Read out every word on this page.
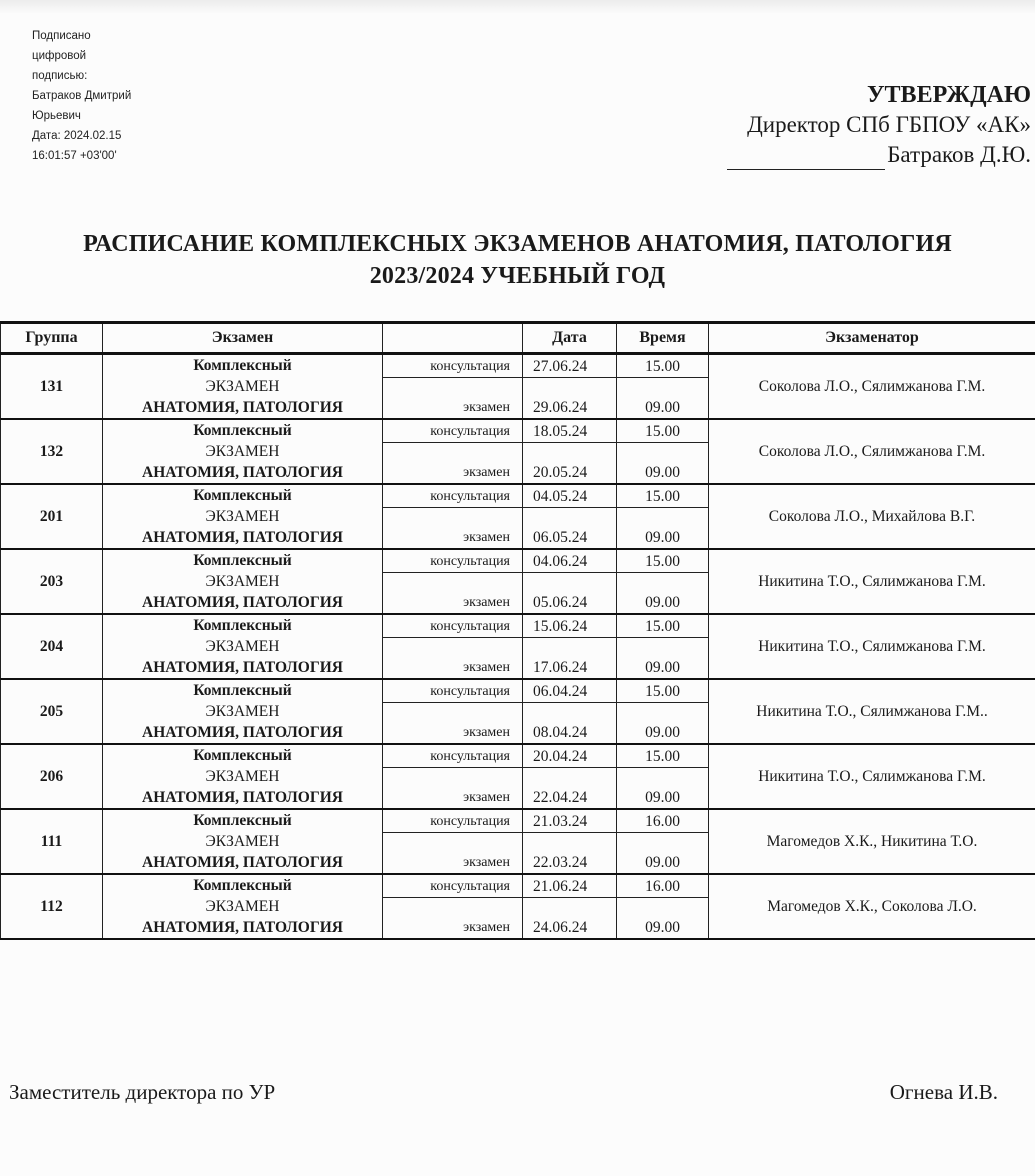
Подписано
цифровой
подписью:
Батраков Дмитрий
Юрьевич
Дата: 2024.02.15
16:01:57 +03'00'
УТВЕРЖДАЮ
Директор СПб ГБПОУ «АК»
Батраков Д.Ю.
РАСПИСАНИЕ КОМПЛЕКСНЫХ ЭКЗАМЕНОВ АНАТОМИЯ, ПАТОЛОГИЯ
2023/2024 УЧЕБНЫЙ ГОД
Группа	Экзамен		Дата	Время	Экзаменатор
131	Комплексный
ЭКЗАМЕН
АНАТОМИЯ, ПАТОЛОГИЯ	консультация	27.06.24	15.00	Соколова Л.О., Сялимжанова Г.М.
		экзамен	29.06.24	09.00	

132	Комплексный
ЭКЗАМЕН
АНАТОМИЯ, ПАТОЛОГИЯ	консультация	18.05.24	15.00	Соколова Л.О., Сялимжанова Г.М.
		экзамен	20.05.24	09.00	

201	Комплексный
ЭКЗАМЕН
АНАТОМИЯ, ПАТОЛОГИЯ	консультация	04.05.24	15.00	Соколова Л.О., Михайлова В.Г.
		экзамен	06.05.24	09.00	

203	Комплексный
ЭКЗАМЕН
АНАТОМИЯ, ПАТОЛОГИЯ	консультация	04.06.24	15.00	Никитина Т.О., Сялимжанова Г.М.
		экзамен	05.06.24	09.00	

204	Комплексный
ЭКЗАМЕН
АНАТОМИЯ, ПАТОЛОГИЯ	консультация	15.06.24	15.00	Никитина Т.О., Сялимжанова Г.М.
		экзамен	17.06.24	09.00	

205	Комплексный
ЭКЗАМЕН
АНАТОМИЯ, ПАТОЛОГИЯ	консультация	06.04.24	15.00	Никитина Т.О., Сялимжанова Г.М..
		экзамен	08.04.24	09.00	

206	Комплексный
ЭКЗАМЕН
АНАТОМИЯ, ПАТОЛОГИЯ	консультация	20.04.24	15.00	Никитина Т.О., Сялимжанова Г.М.
		экзамен	22.04.24	09.00	

111	Комплексный
ЭКЗАМЕН
АНАТОМИЯ, ПАТОЛОГИЯ	консультация	21.03.24	16.00	Магомедов Х.К., Никитина Т.О.
		экзамен	22.03.24	09.00	

112	Комплексный
ЭКЗАМЕН
АНАТОМИЯ, ПАТОЛОГИЯ	консультация	21.06.24	16.00	Магомедов Х.К., Соколова Л.О.
		экзамен	24.06.24	09.00	

Заместитель директора по УР	Огнева И.В.
